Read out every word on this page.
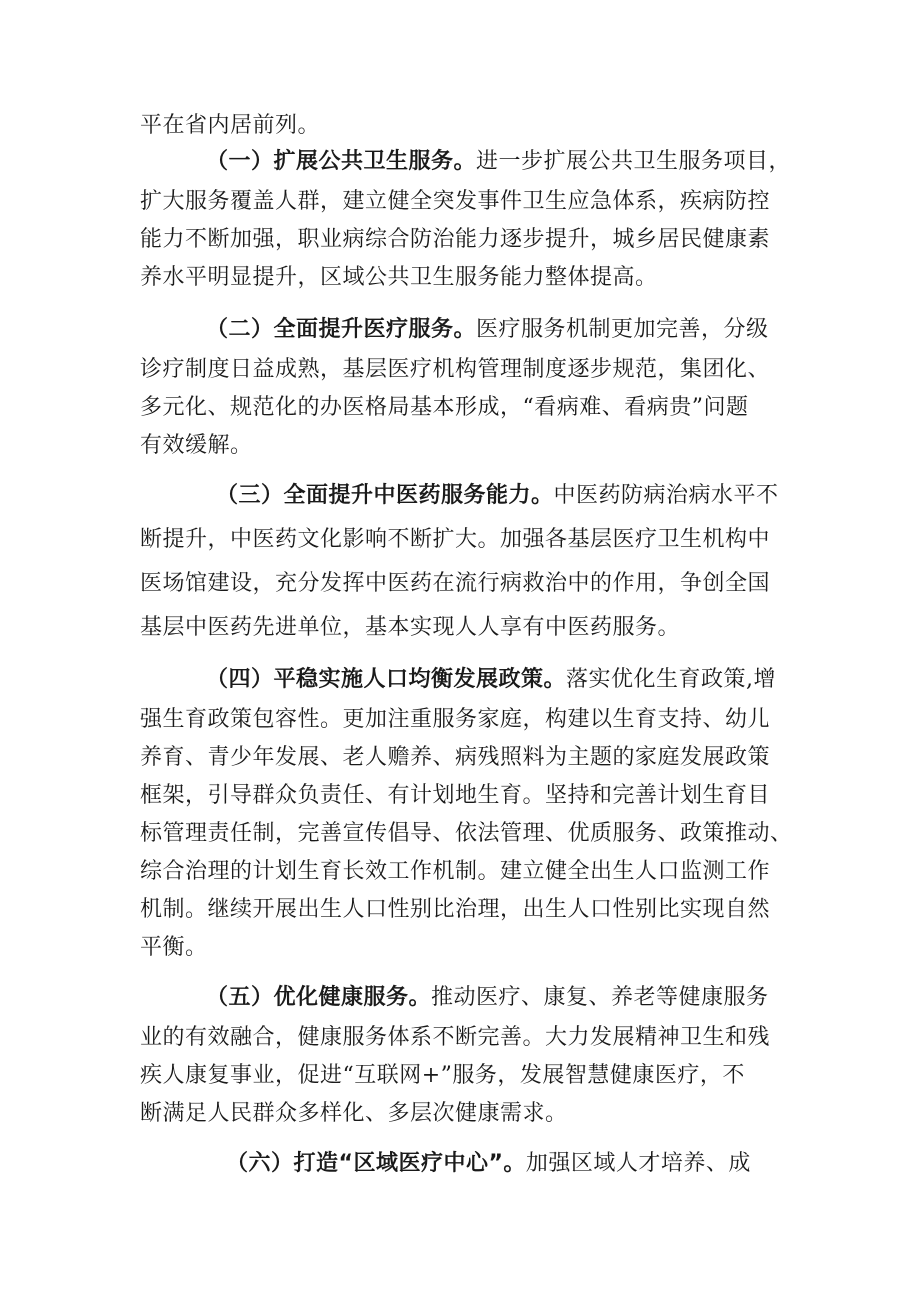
平在省内居前列。
（一）扩展公共卫生服务。进一步扩展公共卫生服务项目，
扩大服务覆盖人群，建立健全突发事件卫生应急体系，疾病防控
能力不断加强，职业病综合防治能力逐步提升，城乡居民健康素
养水平明显提升，区域公共卫生服务能力整体提高。
（二）全面提升医疗服务。医疗服务机制更加完善，分级
诊疗制度日益成熟，基层医疗机构管理制度逐步规范，集团化、
多元化、规范化的办医格局基本形成，“看病难、看病贵”问题
有效缓解。
（三）全面提升中医药服务能力。中医药防病治病水平不
断提升，中医药文化影响不断扩大。加强各基层医疗卫生机构中
医场馆建设，充分发挥中医药在流行病救治中的作用，争创全国
基层中医药先进单位，基本实现人人享有中医药服务。
（四）平稳实施人口均衡发展政策。落实优化生育政策,增
强生育政策包容性。更加注重服务家庭，构建以生育支持、幼儿
养育、青少年发展、老人赡养、病残照料为主题的家庭发展政策
框架，引导群众负责任、有计划地生育。坚持和完善计划生育目
标管理责任制，完善宣传倡导、依法管理、优质服务、政策推动、
综合治理的计划生育长效工作机制。建立健全出生人口监测工作
机制。继续开展出生人口性别比治理，出生人口性别比实现自然
平衡。
（五）优化健康服务。推动医疗、康复、养老等健康服务
业的有效融合，健康服务体系不断完善。大力发展精神卫生和残
疾人康复事业，促进“互联网+”服务，发展智慧健康医疗，不
断满足人民群众多样化、多层次健康需求。
（六）打造“区域医疗中心”。加强区域人才培养、成
